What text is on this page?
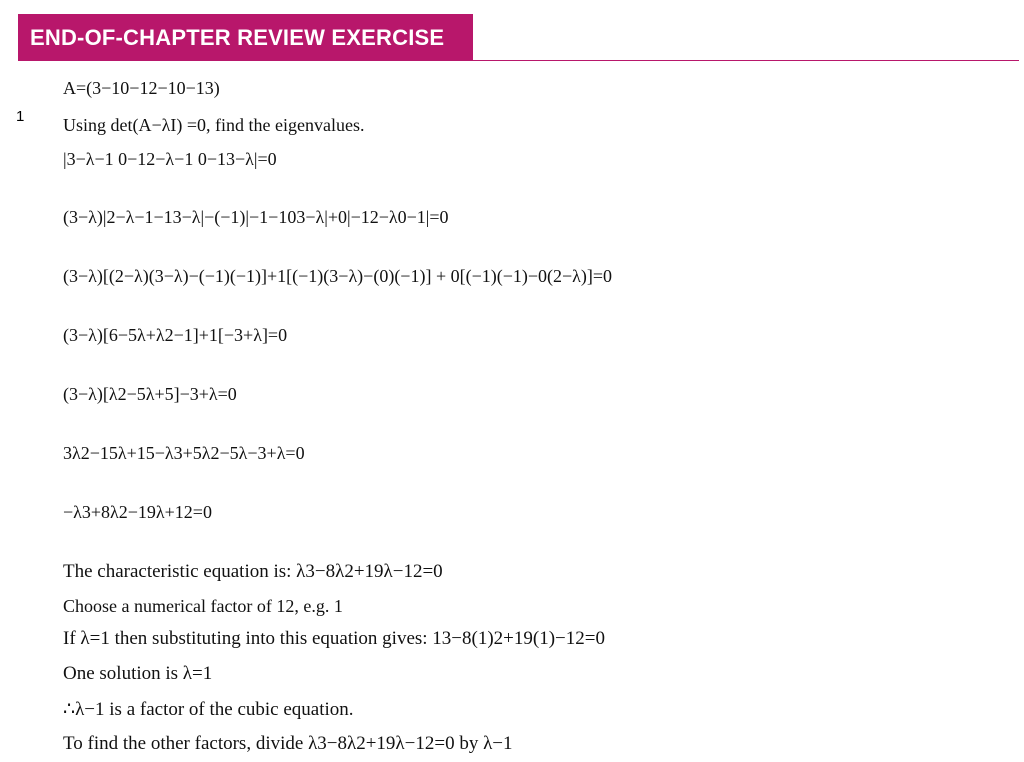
END-OF-CHAPTER REVIEW EXERCISE 20
1
A=(3−10−12−10−13)
Using det(A−λI) =0, find the eigenvalues.
|3−λ−1 0−12−λ−1 0−13−λ|=0
(3−λ)|2−λ−1−13−λ|−(−1)|−1−103−λ|+0|−12−λ0−1|=0
(3−λ)[(2−λ)(3−λ)−(−1)(−1)]+1[(−1)(3−λ)−(0)(−1)] + 0[(−1)(−1)−0(2−λ)]=0
(3−λ)[6−5λ+λ2−1]+1[−3+λ]=0
(3−λ)[λ2−5λ+5]−3+λ=0
3λ2−15λ+15−λ3+5λ2−5λ−3+λ=0
−λ3+8λ2−19λ+12=0
The characteristic equation is: λ3−8λ2+19λ−12=0
Choose a numerical factor of 12, e.g. 1
If λ=1 then substituting into this equation gives: 13−8(1)2+19(1)−12=0
One solution is λ=1
∴λ−1 is a factor of the cubic equation.
To find the other factors, divide λ3−8λ2+19λ−12=0 by λ−1
